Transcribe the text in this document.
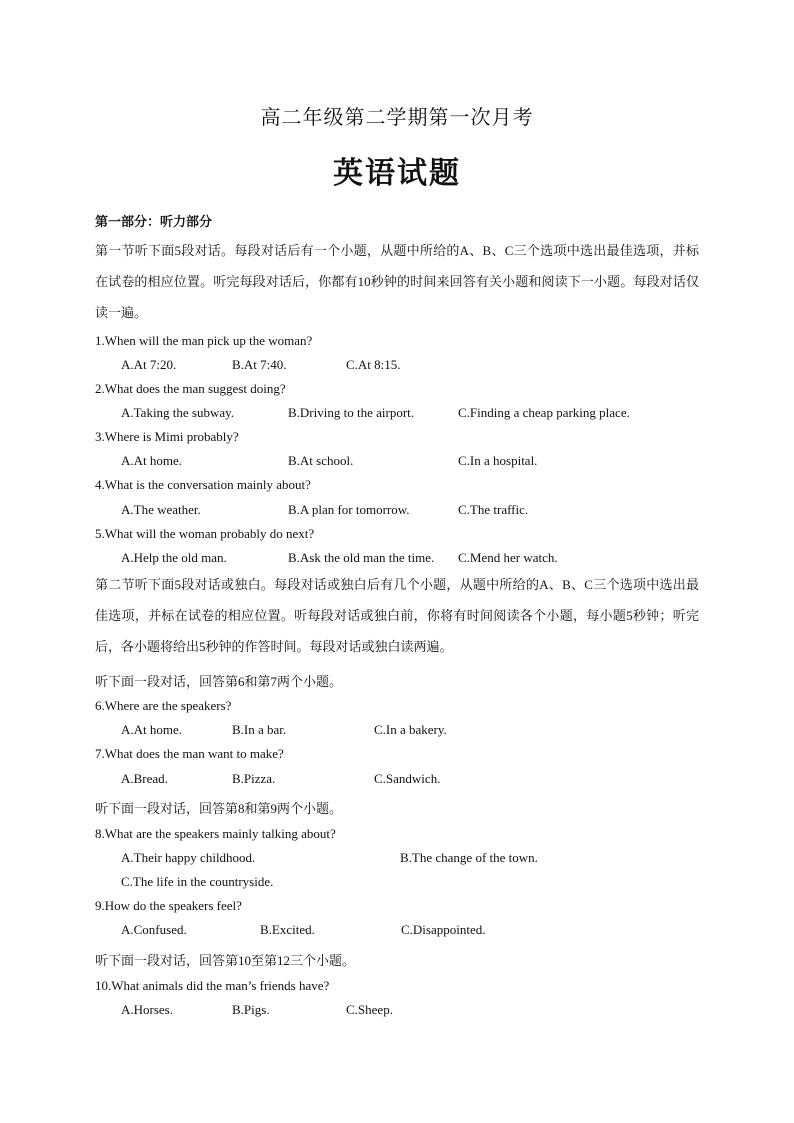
高二年级第二学期第一次月考
英语试题
第一部分：听力部分
第一节听下面5段对话。每段对话后有一个小题，从题中所给的A、B、C三个选项中选出最佳选项，并标在试卷的相应位置。听完每段对话后，你都有10秒钟的时间来回答有关小题和阅读下一小题。每段对话仅读一遍。
1.When will the man pick up the woman?
A.At 7:20.	B.At 7:40.	C.At 8:15.
2.What does the man suggest doing?
A.Taking the subway.	B.Driving to the airport.	C.Finding a cheap parking place.
3.Where is Mimi probably?
A.At home.	B.At school.	C.In a hospital.
4.What is the conversation mainly about?
A.The weather.	B.A plan for tomorrow.	C.The traffic.
5.What will the woman probably do next?
A.Help the old man.	B.Ask the old man the time. C.Mend her watch.
第二节听下面5段对话或独白。每段对话或独白后有几个小题，从题中所给的A、B、C三个选项中选出最佳选项，并标在试卷的相应位置。听每段对话或独白前，你将有时间阅读各个小题，每小题5秒钟；听完后，各小题将给出5秒钟的作答时间。每段对话或独白读两遍。
听下面一段对话，回答第6和第7两个小题。
6.Where are the speakers?
A.At home.	B.In a bar.	C.In a bakery.
7.What does the man want to make?
A.Bread.	B.Pizza.	C.Sandwich.
听下面一段对话，回答第8和第9两个小题。
8.What are the speakers mainly talking about?
A.Their happy childhood.	B.The change of the town.
C.The life in the countryside.
9.How do the speakers feel?
A.Confused.	B.Excited.	C.Disappointed.
听下面一段对话，回答第10至第12三个小题。
10.What animals did the man’s friends have?
A.Horses.	B.Pigs.	C.Sheep.
